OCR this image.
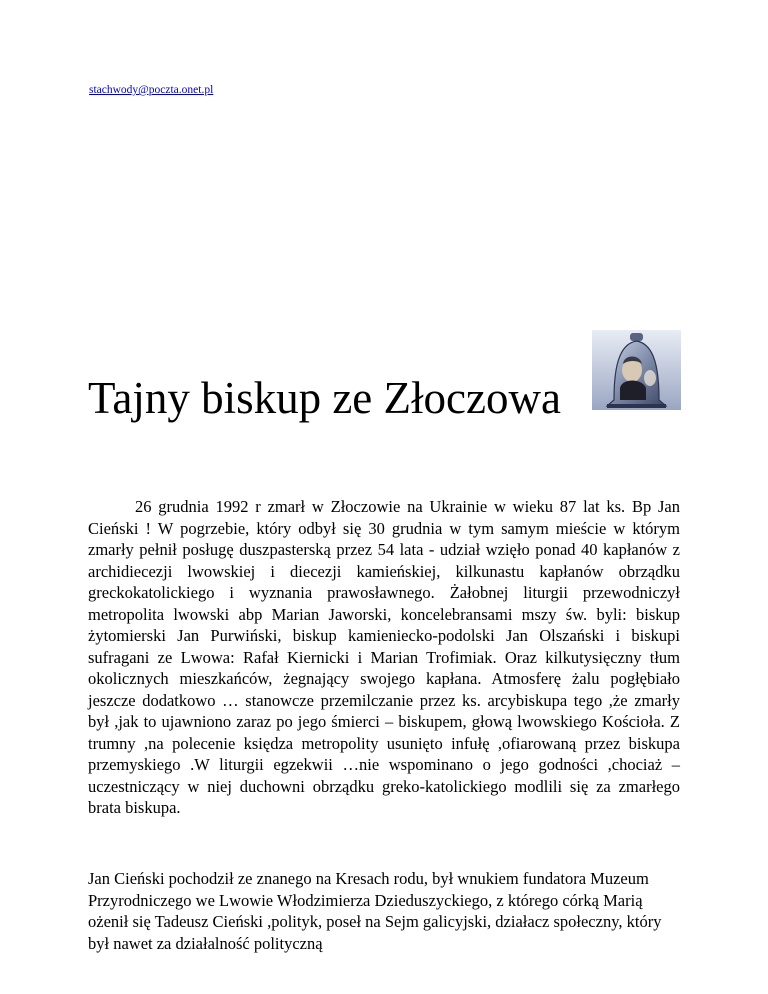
stachwody@poczta.onet.pl
Tajny biskup ze Złoczowa

26 grudnia 1992 r zmarł w Złoczowie na Ukrainie w wieku 87 lat ks. Bp Jan Cieński ! W pogrzebie, który odbył się 30 grudnia w tym samym mieście w którym zmarły pełnił posługę duszpasterską przez 54 lata - udział wzięło ponad 40 kapłanów z archidiecezji lwowskiej i diecezji kamieńskiej, kilkunastu kapłanów obrządku greckokatolickiego i wyznania prawosławnego. Żałobnej liturgii przewodniczył metropolita lwowski abp Marian Jaworski, koncelebransami mszy św. byli: biskup żytomierski Jan Purwiński, biskup kamieniecko-podolski Jan Olszański i biskupi sufragani ze Lwowa: Rafał Kiernicki i Marian Trofimiak. Oraz kilkutysięczny tłum okolicznych mieszkańców, żegnający swojego kapłana. Atmosferę żalu pogłębiało jeszcze dodatkowo … stanowcze przemilczanie przez ks. arcybiskupa tego ,że zmarły był ,jak to ujawniono zaraz po jego śmierci – biskupem, głową lwowskiego Kościoła. Z trumny ,na polecenie księdza metropolity usunięto infułę ,ofiarowaną przez biskupa przemyskiego .W liturgii egzekwii …nie wspominano o jego godności ,chociaż – uczestniczący w niej duchowni obrządku greko-katolickiego modlili się za zmarłego brata biskupa.

Jan Cieński pochodził ze znanego na Kresach rodu, był wnukiem fundatora Muzeum Przyrodniczego we Lwowie Włodzimierza Dzieduszyckiego, z którego córką Marią ożenił się Tadeusz Cieński ,polityk, poseł na Sejm galicyjski, działacz społeczny, który był nawet za działalność polityczną
